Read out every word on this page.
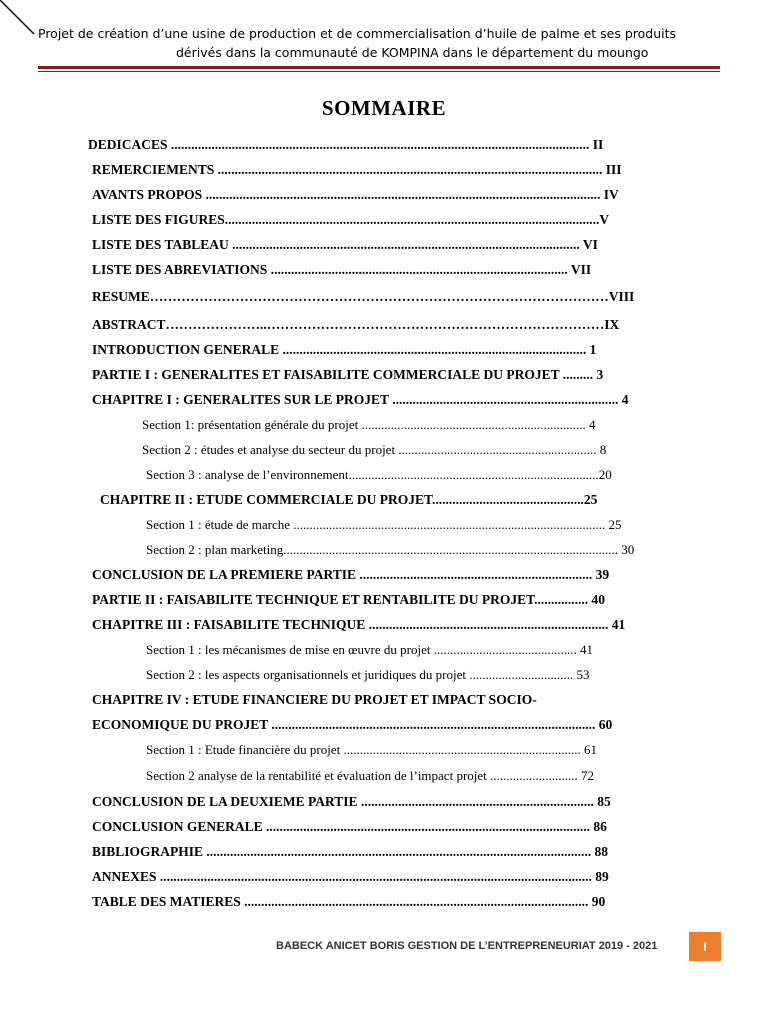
Projet de création d’une usine de production et de commercialisation d’huile de palme et ses produits
dérivés dans la communauté de KOMPINA dans le département du moungo
SOMMAIRE
DEDICACES ............................................................................................................................ II
REMERCIEMENTS .................................................................................................................. III
AVANTS PROPOS ..................................................................................................................... IV
LISTE DES FIGURES...............................................................................................................V
LISTE DES TABLEAU ....................................................................................................... VI
LISTE DES ABREVIATIONS ........................................................................................ VII
RESUME…………………………………………………………………………………………VIII
ABSTRACT…………………..…………………………………………………………………IX
INTRODUCTION GENERALE .......................................................................................... 1
PARTIE I : GENERALITES ET FAISABILITE COMMERCIALE DU PROJET ......... 3
CHAPITRE I : GENERALITES SUR LE PROJET ................................................................... 4
Section 1: présentation générale du projet ..................................................................... 4
Section 2 : études et analyse du secteur du projet ............................................................. 8
Section 3 : analyse de l’environnement.............................................................................20
CHAPITRE II : ETUDE COMMERCIALE DU PROJET.............................................25
Section 1 : étude de marche ................................................................................................ 25
Section 2 : plan marketing....................................................................................................... 30
CONCLUSION DE LA PREMIERE PARTIE ..................................................................... 39
PARTIE II : FAISABILITE TECHNIQUE ET RENTABILITE DU PROJET................ 40
CHAPITRE III : FAISABILITE TECHNIQUE ....................................................................... 41
Section 1 : les mécanismes de mise en œuvre du projet ............................................ 41
Section 2 : les aspects organisationnels et juridiques du projet ................................ 53
CHAPITRE IV : ETUDE FINANCIERE DU PROJET ET IMPACT SOCIO-
ECONOMIQUE DU PROJET ................................................................................................ 60
Section 1 : Etude financière du projet ......................................................................... 61
Section 2 analyse de la rentabilité et évaluation de l’impact projet ........................... 72
CONCLUSION DE LA DEUXIEME PARTIE ..................................................................... 85
CONCLUSION GENERALE ................................................................................................ 86
BIBLIOGRAPHIE .................................................................................................................. 88
ANNEXES ................................................................................................................................ 89
TABLE DES MATIERES ...................................................................................................... 90
BABECK ANICET BORIS GESTION DE L’ENTREPRENEURIAT 2019 - 2021	I
